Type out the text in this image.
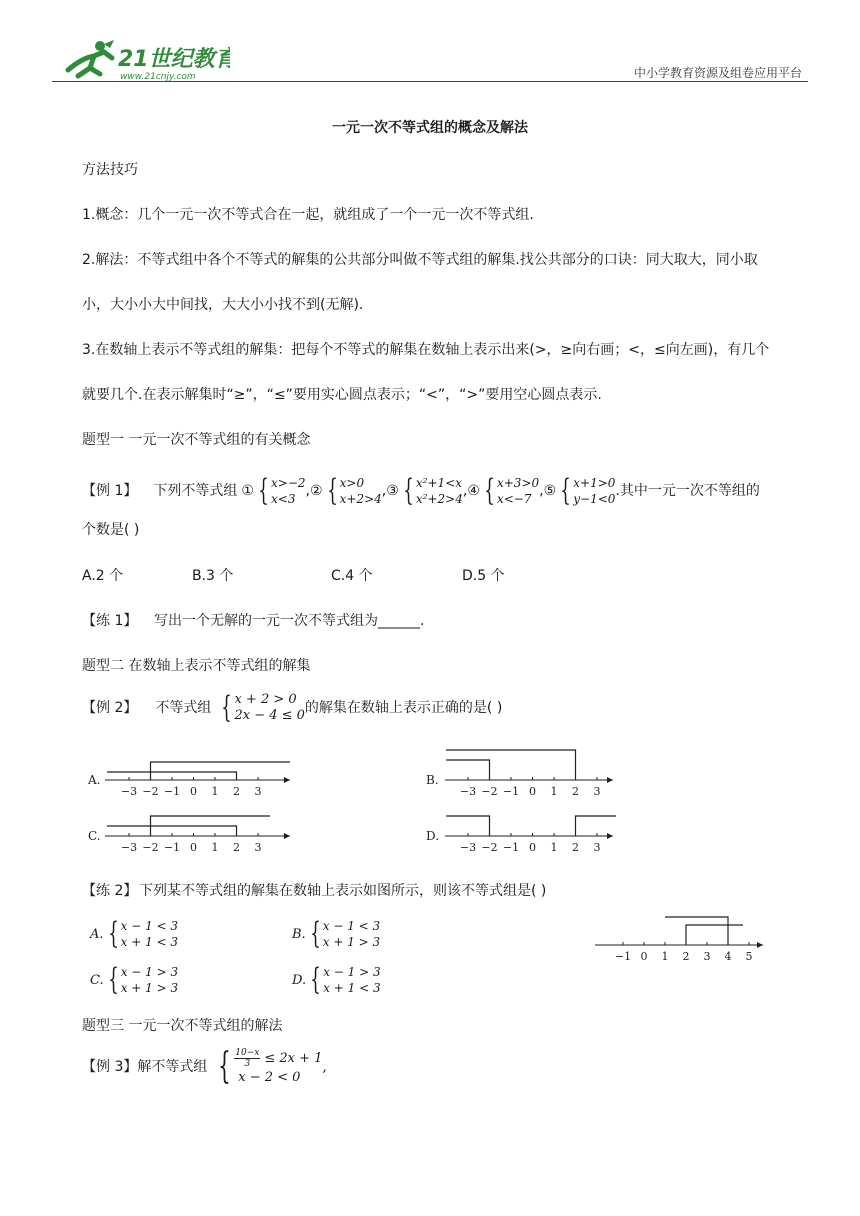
21世纪教育
www.21cnjy.com	中小学教育资源及组卷应用平台
一元一次不等式组的概念及解法
方法技巧
1.概念：几个一元一次不等式合在一起，就组成了一个一元一次不等式组.
2.解法：不等式组中各个不等式的解集的公共部分叫做不等式组的解集.找公共部分的口诀：同大取大，同小取
小，大小小大中间找，大大小小找不到(无解).
3.在数轴上表示不等式组的解集：把每个不等式的解集在数轴上表示出来(>，≥向右画；<，≤向左画)，有几个
就要几个.在表示解集时“≥”，“≤”要用实心圆点表示；“<”，“>”要用空心圆点表示.
题型一 一元一次不等式组的有关概念
【例 1】 下列不等式组 ① { x>−2
x<3 , ② { x>0
x+2>4 , ③ { x²+1<x
x²+2>4 , ④ { x+3>0
x<−7 , ⑤ { x+1>0
y−1<0 . 其中一元一次不等组的
个数是( )
A.2 个	B.3 个	C.4 个	D.5 个
【练 1】 写出一个无解的一元一次不等式组为______.
题型二 在数轴上表示不等式组的解集
【例 2】 不等式组 { x + 2 > 0
2x − 4 ≤ 0 的解集在数轴上表示正确的是( )
A.
−3 −2 −1 0 1 2 3
C.
−3 −2 −1 0 1 2 3
B.
−3 −2 −1 0 1 2 3
D.
−3 −2 −1 0 1 2 3
【练 2】 下列某不等式组的解集在数轴上表示如图所示，则该不等式组是( )
A. { x − 1 < 3
x + 1 < 3
B. { x − 1 < 3
x + 1 > 3
C. { x − 1 > 3
x + 1 > 3
D. { x − 1 > 3
x + 1 < 3
−1 0 1 2 3 4 5
题型三 一元一次不等式组的解法
【例 3】 解不等式组 { $\frac{10-x}{3} \le 2x + 1$
x − 2 < 0
,
